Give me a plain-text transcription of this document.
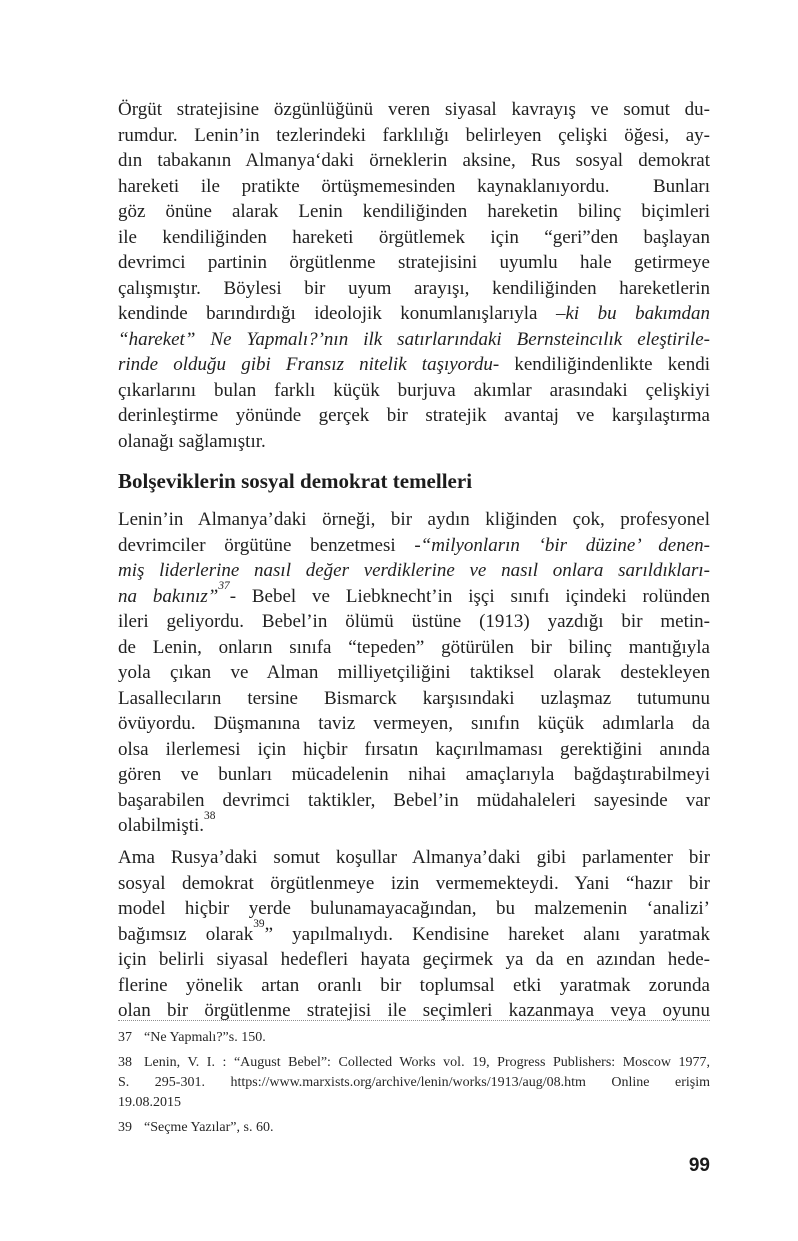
Örgüt stratejisine özgünlüğünü veren siyasal kavrayış ve somut du-
rumdur. Lenin’in tezlerindeki farklılığı belirleyen çelişki öğesi, ay-
dın tabakanın Almanya‘daki örneklerin aksine, Rus sosyal demokrat
hareketi ile pratikte örtüşmemesinden kaynaklanıyordu.  Bunları
göz önüne alarak Lenin kendiliğinden hareketin bilinç biçimleri
ile kendiliğinden hareketi örgütlemek için “geri”den başlayan
devrimci partinin örgütlenme stratejisini uyumlu hale getirmeye
çalışmıştır. Böylesi bir uyum arayışı, kendiliğinden hareketlerin
kendinde barındırdığı ideolojik konumlanışlarıyla –ki bu bakımdan
“hareket” Ne Yapmalı?’nın ilk satırlarındaki Bernsteincılık eleştirile-
rinde olduğu gibi Fransız nitelik taşıyordu- kendiliğindenlikte kendi
çıkarlarını bulan farklı küçük burjuva akımlar arasındaki çelişkiyi
derinleştirme yönünde gerçek bir stratejik avantaj ve karşılaştırma
olanağı sağlamıştır.
Bolşeviklerin sosyal demokrat temelleri
Lenin’in Almanya’daki örneği, bir aydın kliğinden çok, profesyonel
devrimciler örgütüne benzetmesi -“milyonların ‘bir düzine’ denen-
miş liderlerine nasıl değer verdiklerine ve nasıl onlara sarıldıkları-
na bakınız”$^{37}$- Bebel ve Liebknecht’in işçi sınıfı içindeki rolünden
ileri geliyordu. Bebel’in ölümü üstüne (1913) yazdığı bir metin-
de Lenin, onların sınıfa “tepeden” götürülen bir bilinç mantığıyla
yola çıkan ve Alman milliyetçiliğini taktiksel olarak destekleyen
Lasallecıların tersine Bismarck karşısındaki uzlaşmaz tutumunu
övüyordu. Düşmanına taviz vermeyen, sınıfın küçük adımlarla da
olsa ilerlemesi için hiçbir fırsatın kaçırılmaması gerektiğini anında
gören ve bunları mücadelenin nihai amaçlarıyla bağdaştırabilmeyi
başarabilen devrimci taktikler, Bebel’in müdahaleleri sayesinde var
olabilmişti.$^{38}$
Ama Rusya’daki somut koşullar Almanya’daki gibi parlamenter bir
sosyal demokrat örgütlenmeye izin vermemekteydi. Yani “hazır bir
model hiçbir yerde bulunamayacağından, bu malzemenin ‘analizi’
bağımsız olarak$^{39}$” yapılmalıydı. Kendisine hareket alanı yaratmak
için belirli siyasal hedefleri hayata geçirmek ya da en azından hede-
flerine yönelik artan oranlı bir toplumsal etki yaratmak zorunda
olan bir örgütlenme stratejisi ile seçimleri kazanmaya veya oyunu
37 “Ne Yapmalı?”s. 150.
38 Lenin, V. I. : “August Bebel”: Collected Works vol. 19, Progress Publishers: Moscow 1977,
S. 295-301. https://www.marxists.org/archive/lenin/works/1913/aug/08.htm Online erişim
19.08.2015
39 “Seçme Yazılar”, s. 60.
99
